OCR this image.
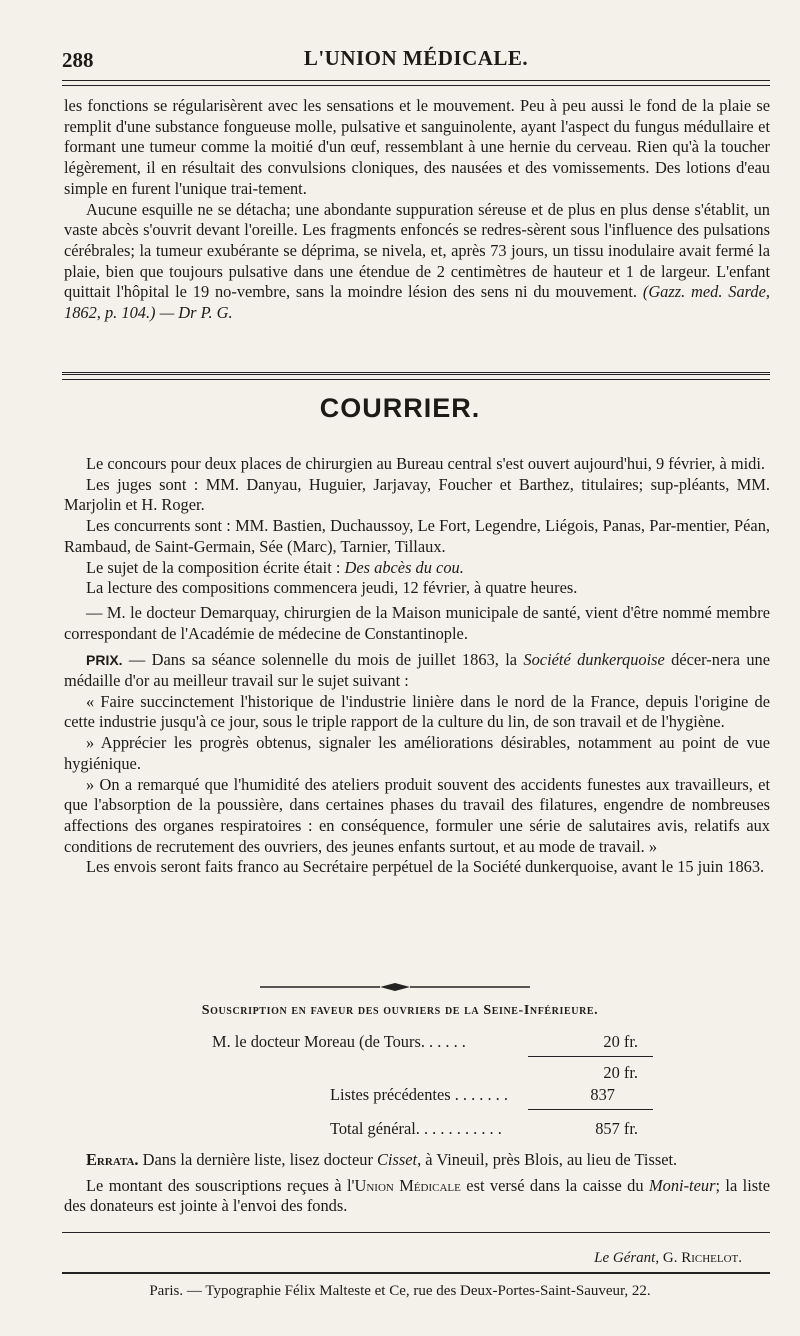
288	L'UNION MÉDICALE.

les fonctions se régularisèrent avec les sensations et le mouvement. Peu à peu aussi le fond de la plaie se remplit d'une substance fongueuse molle, pulsative et sanguinolente, ayant l'aspect du fungus médullaire et formant une tumeur comme la moitié d'un œuf, ressemblant à une hernie du cerveau. Rien qu'à la toucher légèrement, il en résultait des convulsions cloniques, des nausées et des vomissements. Des lotions d'eau simple en furent l'unique trai-tement.

Aucune esquille ne se détacha; une abondante suppuration séreuse et de plus en plus dense s'établit, un vaste abcès s'ouvrit devant l'oreille. Les fragments enfoncés se redres-sèrent sous l'influence des pulsations cérébrales; la tumeur exubérante se déprima, se nivela, et, après 73 jours, un tissu inodulaire avait fermé la plaie, bien que toujours pulsative dans une étendue de 2 centimètres de hauteur et 1 de largeur. L'enfant quittait l'hôpital le 19 no-vembre, sans la moindre lésion des sens ni du mouvement. (Gazz. med. Sarde, 1862, p. 104.) — Dr P. G.

COURRIER.

Le concours pour deux places de chirurgien au Bureau central s'est ouvert aujourd'hui, 9 février, à midi.

Les juges sont : MM. Danyau, Huguier, Jarjavay, Foucher et Barthez, titulaires; sup-pléants, MM. Marjolin et H. Roger.

Les concurrents sont : MM. Bastien, Duchaussoy, Le Fort, Legendre, Liégois, Panas, Par-mentier, Péan, Rambaud, de Saint-Germain, Sée (Marc), Tarnier, Tillaux.

Le sujet de la composition écrite était : Des abcès du cou.

La lecture des compositions commencera jeudi, 12 février, à quatre heures.

— M. le docteur Demarquay, chirurgien de la Maison municipale de santé, vient d'être nommé membre correspondant de l'Académie de médecine de Constantinople.

PRIX. — Dans sa séance solennelle du mois de juillet 1863, la Société dunkerquoise décer-nera une médaille d'or au meilleur travail sur le sujet suivant :

« Faire succinctement l'historique de l'industrie linière dans le nord de la France, depuis l'origine de cette industrie jusqu'à ce jour, sous le triple rapport de la culture du lin, de son travail et de l'hygiène.

» Apprécier les progrès obtenus, signaler les améliorations désirables, notamment au point de vue hygiénique.

» On a remarqué que l'humidité des ateliers produit souvent des accidents funestes aux travailleurs, et que l'absorption de la poussière, dans certaines phases du travail des filatures, engendre de nombreuses affections des organes respiratoires : en conséquence, formuler une série de salutaires avis, relatifs aux conditions de recrutement des ouvriers, des jeunes enfants surtout, et au mode de travail. »

Les envois seront faits franco au Secrétaire perpétuel de la Société dunkerquoise, avant le 15 juin 1863.

Souscription en faveur des ouvriers de la Seine-Inférieure.
M. le docteur Moreau (de Tours. . . . . .	20 fr.
20 fr.
Listes précédentes . . . . . . .	837
Total général. . . . . . . . . . .	857 fr.

Errata. Dans la dernière liste, lisez docteur Cisset, à Vineuil, près Blois, au lieu de Tisset.

Le montant des souscriptions reçues à l'Union Médicale est versé dans la caisse du Moni-teur; la liste des donateurs est jointe à l'envoi des fonds.

Le Gérant, G. Richelot.
Paris. — Typographie Félix Malteste et Ce, rue des Deux-Portes-Saint-Sauveur, 22.
